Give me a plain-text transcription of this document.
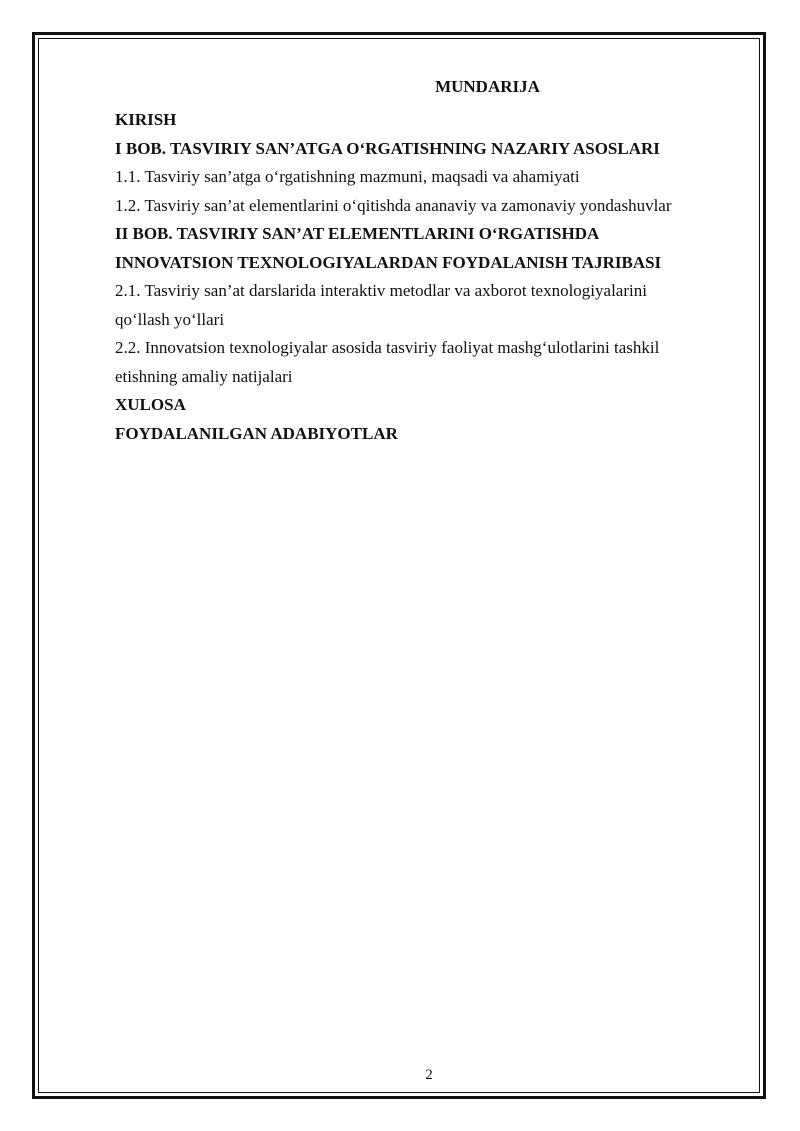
MUNDARIJA
KIRISH
I BOB. TASVIRIY SAN’ATGA O‘RGATISHNING NAZARIY ASOSLARI
1.1. Tasviriy san’atga o‘rgatishning mazmuni, maqsadi va ahamiyati
1.2. Tasviriy san’at elementlarini o‘qitishda ananaviy va zamonaviy yondashuvlar
II BOB. TASVIRIY SAN’AT ELEMENTLARINI O‘RGATISHDA
INNOVATSION TEXNOLOGIYALARDAN FOYDALANISH TAJRIBASI
2.1. Tasviriy san’at darslarida interaktiv metodlar va axborot texnologiyalarini
qo‘llash yo‘llari
2.2. Innovatsion texnologiyalar asosida tasviriy faoliyat mashg‘ulotlarini tashkil
etishning amaliy natijalari
XULOSA
FOYDALANILGAN ADABIYOTLAR
2
